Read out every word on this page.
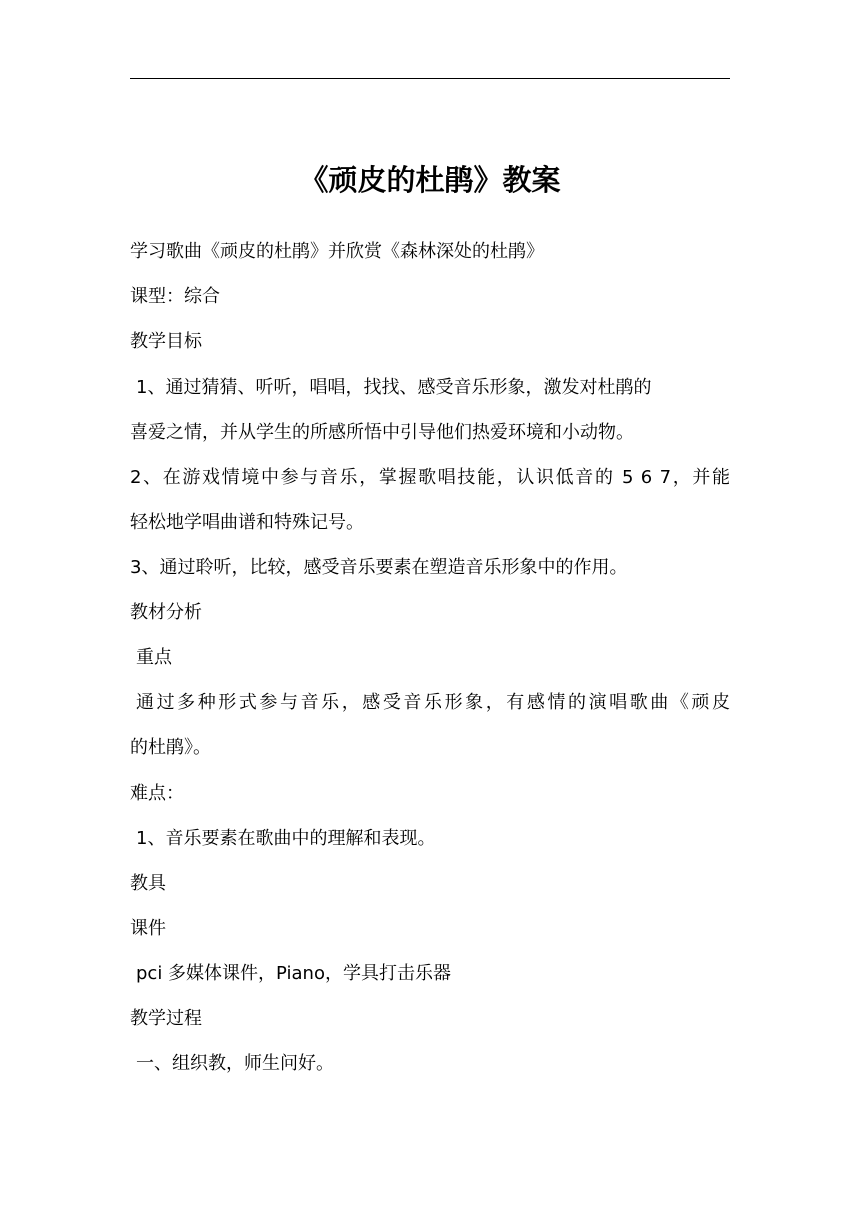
《顽皮的杜鹃》教案
学习歌曲《顽皮的杜鹃》并欣赏《森林深处的杜鹃》
课型：综合
教学目标
1、通过猜猜、听听，唱唱，找找、感受音乐形象，激发对杜鹃的
喜爱之情，并从学生的所感所悟中引导他们热爱环境和小动物。
2、在游戏情境中参与音乐，掌握歌唱技能，认识低音的 5 6 7，并能
轻松地学唱曲谱和特殊记号。
3、通过聆听，比较，感受音乐要素在塑造音乐形象中的作用。
教材分析
重点
通过多种形式参与音乐，感受音乐形象，有感情的演唱歌曲《顽皮
的杜鹃》。
难点：
1、音乐要素在歌曲中的理解和表现。
教具
课件
pci 多媒体课件，Piano，学具打击乐器
教学过程
一、组织教，师生问好。
